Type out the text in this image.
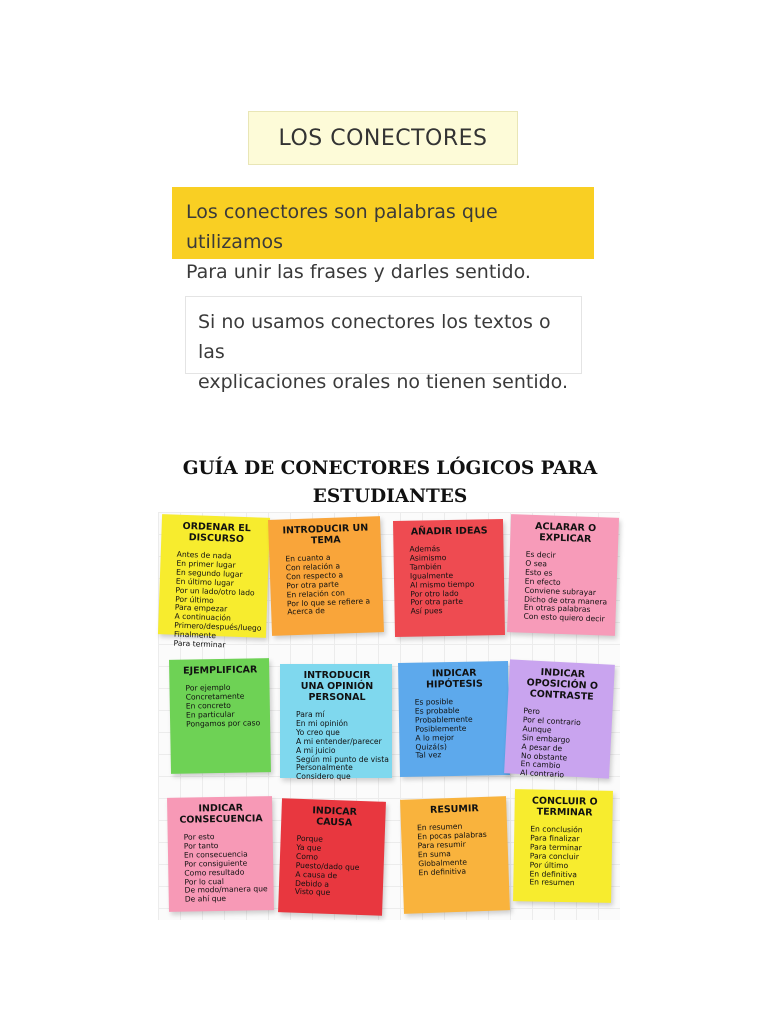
LOS CONECTORES

Los conectores son palabras que utilizamos

Para unir las frases y darles sentido.

Si no usamos conectores los textos o las

explicaciones orales no tienen sentido.

GUÍA DE CONECTORES LÓGICOS PARA
ESTUDIANTES
ORDENAR EL DISCURSO
Antes de nada
En primer lugar
En segundo lugar
En último lugar
Por un lado/otro lado
Por último
Para empezar
A continuación
Primero/después/luego
Finalmente
Para terminar
INTRODUCIR UN TEMA
En cuanto a
Con relación a
Con respecto a
Por otra parte
En relación con
Por lo que se refiere a
Acerca de
AÑADIR IDEAS
Además
Asimismo
También
Igualmente
Al mismo tiempo
Por otro lado
Por otra parte
Así pues
ACLARAR O EXPLICAR
Es decir
O sea
Esto es
En efecto
Conviene subrayar
Dicho de otra manera
En otras palabras
Con esto quiero decir
EJEMPLIFICAR
Por ejemplo
Concretamente
En concreto
En particular
Pongamos por caso
INTRODUCIR UNA OPINIÓN PERSONAL
Para mí
En mi opinión
Yo creo que
A mi entender/parecer
A mi juicio
Según mi punto de vista
Personalmente
Considero que
INDICAR HIPÓTESIS
Es posible
Es probable
Probablemente
Posiblemente
A lo mejor
Quizá(s)
Tal vez
INDICAR OPOSICIÓN O CONTRASTE
Pero
Por el contrario
Aunque
Sin embargo
A pesar de
No obstante
En cambio
Al contrario
INDICAR CONSECUENCIA
Por esto
Por tanto
En consecuencia
Por consiguiente
Como resultado
Por lo cual
De modo/manera que
De ahí que
INDICAR CAUSA
Porque
Ya que
Como
Puesto/dado que
A causa de
Debido a
Visto que
RESUMIR
En resumen
En pocas palabras
Para resumir
En suma
Globalmente
En definitiva
CONCLUIR O TERMINAR
En conclusión
Para finalizar
Para terminar
Para concluir
Por último
En definitiva
En resumen
